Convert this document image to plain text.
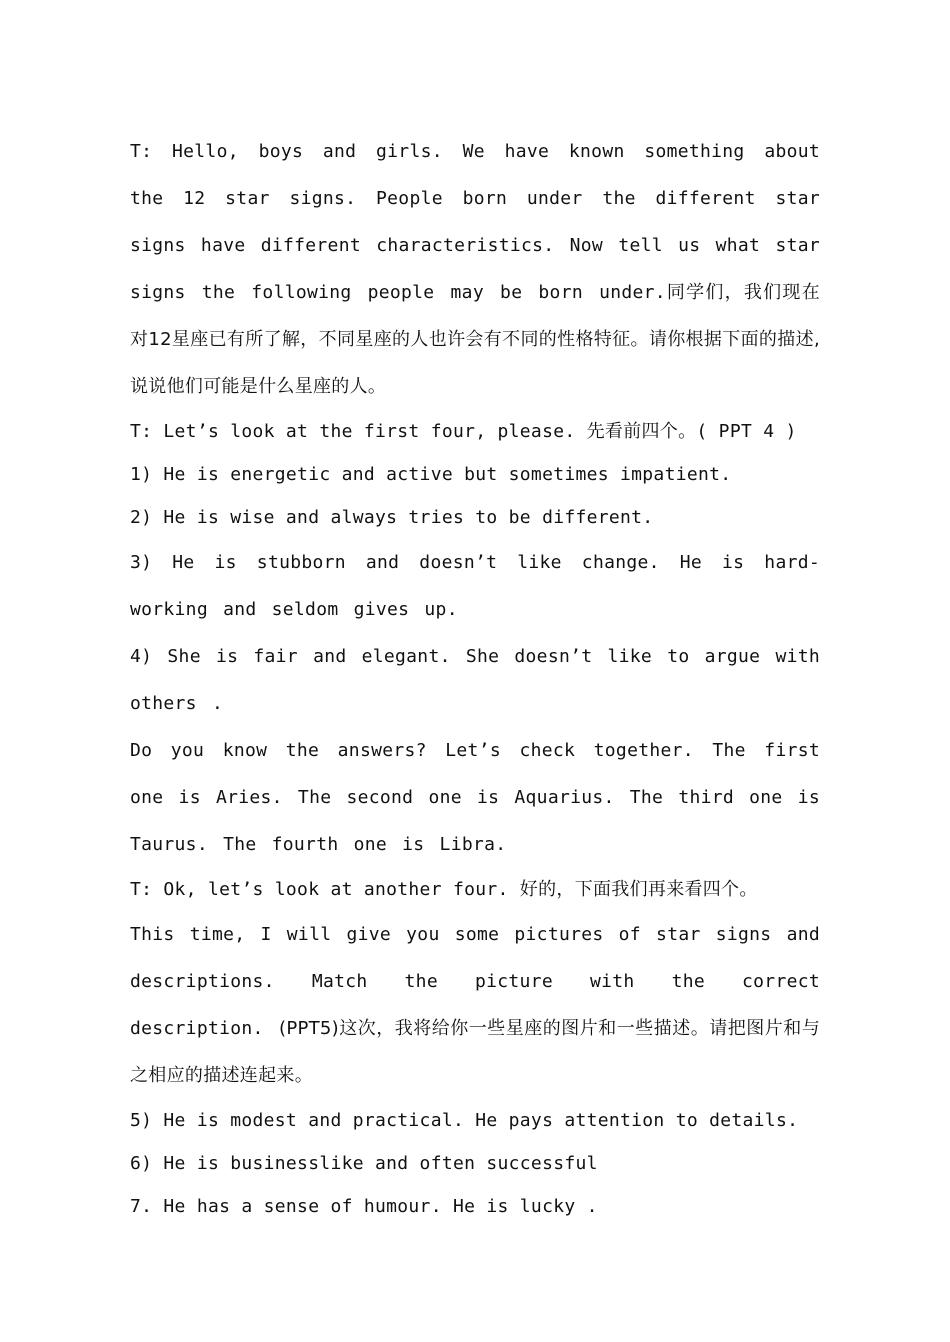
T: Hello, boys and girls. We have known something about the 12 star signs. People born under the different star signs have different characteristics. Now tell us what star signs the following people may be born under.同学们，我们现在对12星座已有所了解，不同星座的人也许会有不同的性格特征。请你根据下面的描述, 说说他们可能是什么星座的人。

T: Let’s look at the first four, please. 先看前四个。( PPT 4 )

1) He is energetic and active but sometimes impatient.

2) He is wise and always tries to be different.

3) He is stubborn and doesn’t like change. He is hard-working and seldom gives up.

4) She is fair and elegant. She doesn’t like to argue with others .

Do you know the answers? Let’s check together. The first one is Aries. The second one is Aquarius. The third one is Taurus. The fourth one is Libra.

T: Ok, let’s look at another four. 好的，下面我们再来看四个。

This time, I will give you some pictures of star signs and descriptions. Match the picture with the correct description. (PPT5)这次，我将给你一些星座的图片和一些描述。请把图片和与之相应的描述连起来。

5) He is modest and practical. He pays attention to details.

6) He is businesslike and often successful

7. He has a sense of humour. He is lucky .
